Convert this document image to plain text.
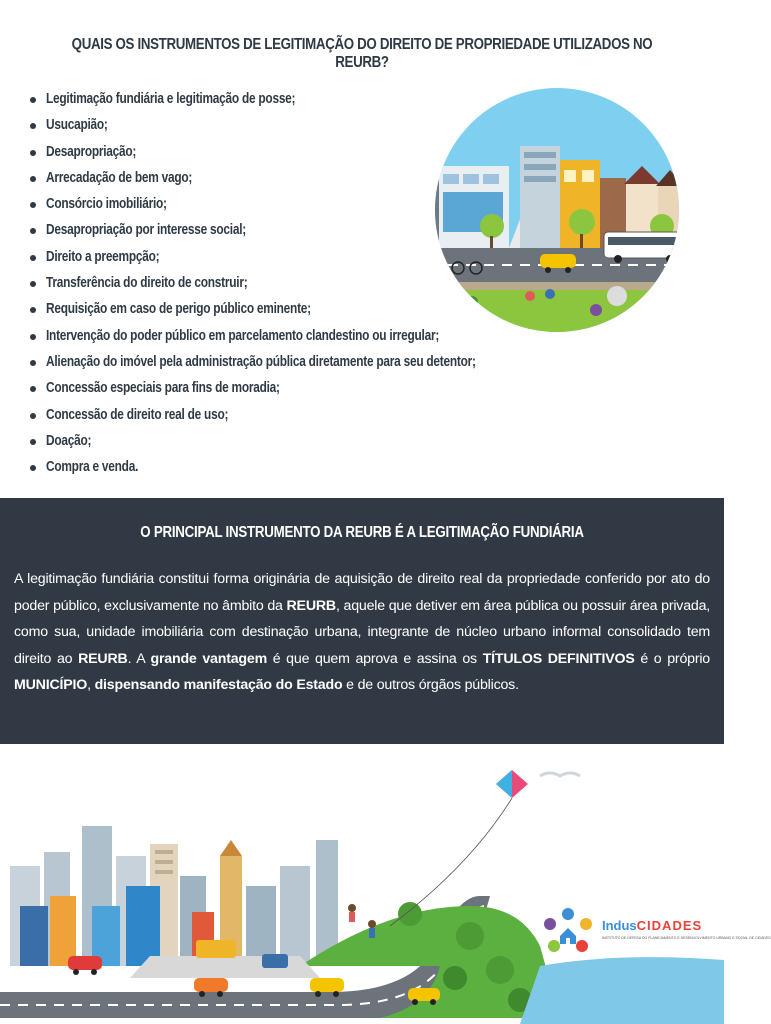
QUAIS OS INSTRUMENTOS DE LEGITIMAÇÃO DO DIREITO DE PROPRIEDADE UTILIZADOS NO REURB?
Legitimação fundiária e legitimação de posse;
Usucapião;
Desapropriação;
Arrecadação de bem vago;
Consórcio imobiliário;
Desapropriação por interesse social;
Direito a preempção;
Transferência do direito de construir;
Requisição em caso de perigo público eminente;
Intervenção do poder público em parcelamento clandestino ou irregular;
Alienação do imóvel pela administração pública diretamente para seu detentor;
Concessão especiais para fins de moradia;
Concessão de direito real de uso;
Doação;
Compra e venda.
O PRINCIPAL INSTRUMENTO DA REURB É A LEGITIMAÇÃO FUNDIÁRIA
A legitimação fundiária constitui forma originária de aquisição de direito real da propriedade conferido por ato do poder público, exclusivamente no âmbito da REURB, aquele que detiver em área pública ou possuir área privada, como sua, unidade imobiliária com destinação urbana, integrante de núcleo urbano informal consolidado tem direito ao REURB. A grande vantagem é que quem aprova e assina os TÍTULOS DEFINITIVOS é o próprio MUNICÍPIO, dispensando manifestação do Estado e de outros órgãos públicos.
IndusCIDADES
INSTITUTO DE DEFESA DO PLANEJAMENTO E DESENVOLVIMENTO URBANO E SOCIAL DE CIDADES
